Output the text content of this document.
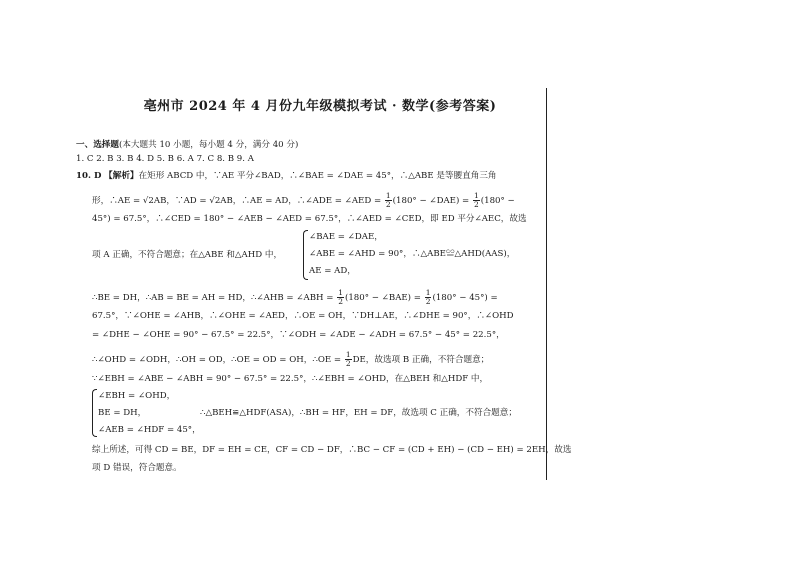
亳州市 2024 年 4 月份九年级模拟考试 · 数学(参考答案)
一、选择题(本大题共 10 小题，每小题 4 分，满分 40 分)
1. C 2. B 3. B 4. D 5. B 6. A 7. C 8. B 9. A
10. D 【解析】在矩形 ABCD 中，∵AE 平分∠BAD，∴∠BAE = ∠DAE = 45°，∴△ABE 是等腰直角三角
形，∴AE = √2AB，∵AD = √2AB，∴AE = AD，∴∠ADE = ∠AED = $\frac{1}{2} (180^\circ$ − ∠DAE) = $\frac{1}{2} (180^\circ$ −
45°) = 67.5°，∴∠CED = 180° − ∠AEB − ∠AED = 67.5°，∴∠AED = ∠CED，即 ED 平分∠AEC，故选
项 A 正确，不符合题意；在△ABE 和△AHD 中，
∠BAE = ∠DAE，
∠ABE = ∠AHD = 90°，∴△ABE≌△AHD(AAS)，
AE = AD，
∴BE = DH，∴AB = BE = AH = HD，∴∠AHB = ∠ABH = $\frac{1}{2} (180^\circ$ − ∠BAE) = $\frac{1}{2} (180^\circ - 45^\circ)$ =
67.5°，∵∠OHE = ∠AHB，∴∠OHE = ∠AED，∴OE = OH，∵DH⊥AE，∴∠DHE = 90°，∴∠OHD
= ∠DHE − ∠OHE = 90° − 67.5° = 22.5°，∵∠ODH = ∠ADE − ∠ADH = 67.5° − 45° = 22.5°，
∴∠OHD = ∠ODH，∴OH = OD，∴OE = OD = OH，∴OE = $\frac{1}{2}$ DE，故选项 B 正确，不符合题意；
∵∠EBH = ∠ABE − ∠ABH = 90° − 67.5° = 22.5°，∴∠EBH = ∠OHD，在△BEH 和△HDF 中，
∠EBH = ∠OHD，
BE = DH，
∠AEB = ∠HDF = 45°，
∴△BEH≌△HDF(ASA)，∴BH = HF，EH = DF，故选项 C 正确，不符合题意；
综上所述，可得 CD = BE，DF = EH = CE，CF = CD − DF，∴BC − CF = (CD + EH) − (CD − EH) = 2EH，故选
项 D 错误，符合题意。
